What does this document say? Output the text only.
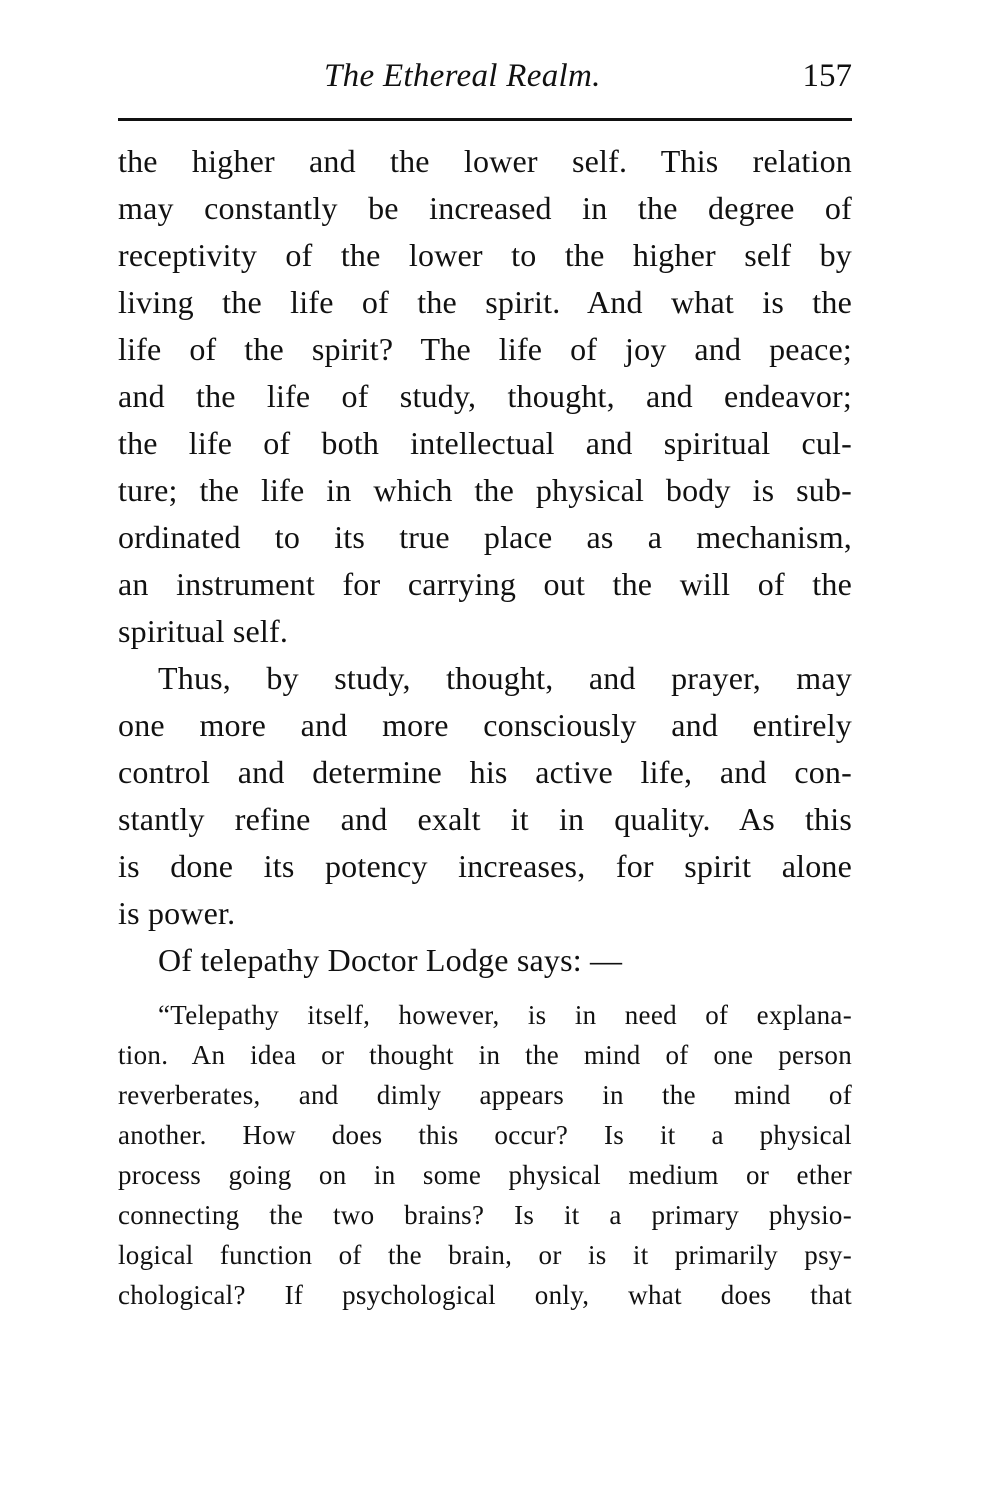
The Ethereal Realm.	157
the higher and the lower self. This relation
may constantly be increased in the degree of
receptivity of the lower to the higher self by
living the life of the spirit. And what is the
life of the spirit? The life of joy and peace;
and the life of study, thought, and endeavor;
the life of both intellectual and spiritual cul-
ture; the life in which the physical body is sub-
ordinated to its true place as a mechanism,
an instrument for carrying out the will of the
spiritual self.
Thus, by study, thought, and prayer, may
one more and more consciously and entirely
control and determine his active life, and con-
stantly refine and exalt it in quality. As this
is done its potency increases, for spirit alone
is power.
Of telepathy Doctor Lodge says: —
“Telepathy itself, however, is in need of explana-
tion. An idea or thought in the mind of one person
reverberates, and dimly appears in the mind of
another. How does this occur? Is it a physical
process going on in some physical medium or ether
connecting the two brains? Is it a primary physio-
logical function of the brain, or is it primarily psy-
chological? If psychological only, what does that
